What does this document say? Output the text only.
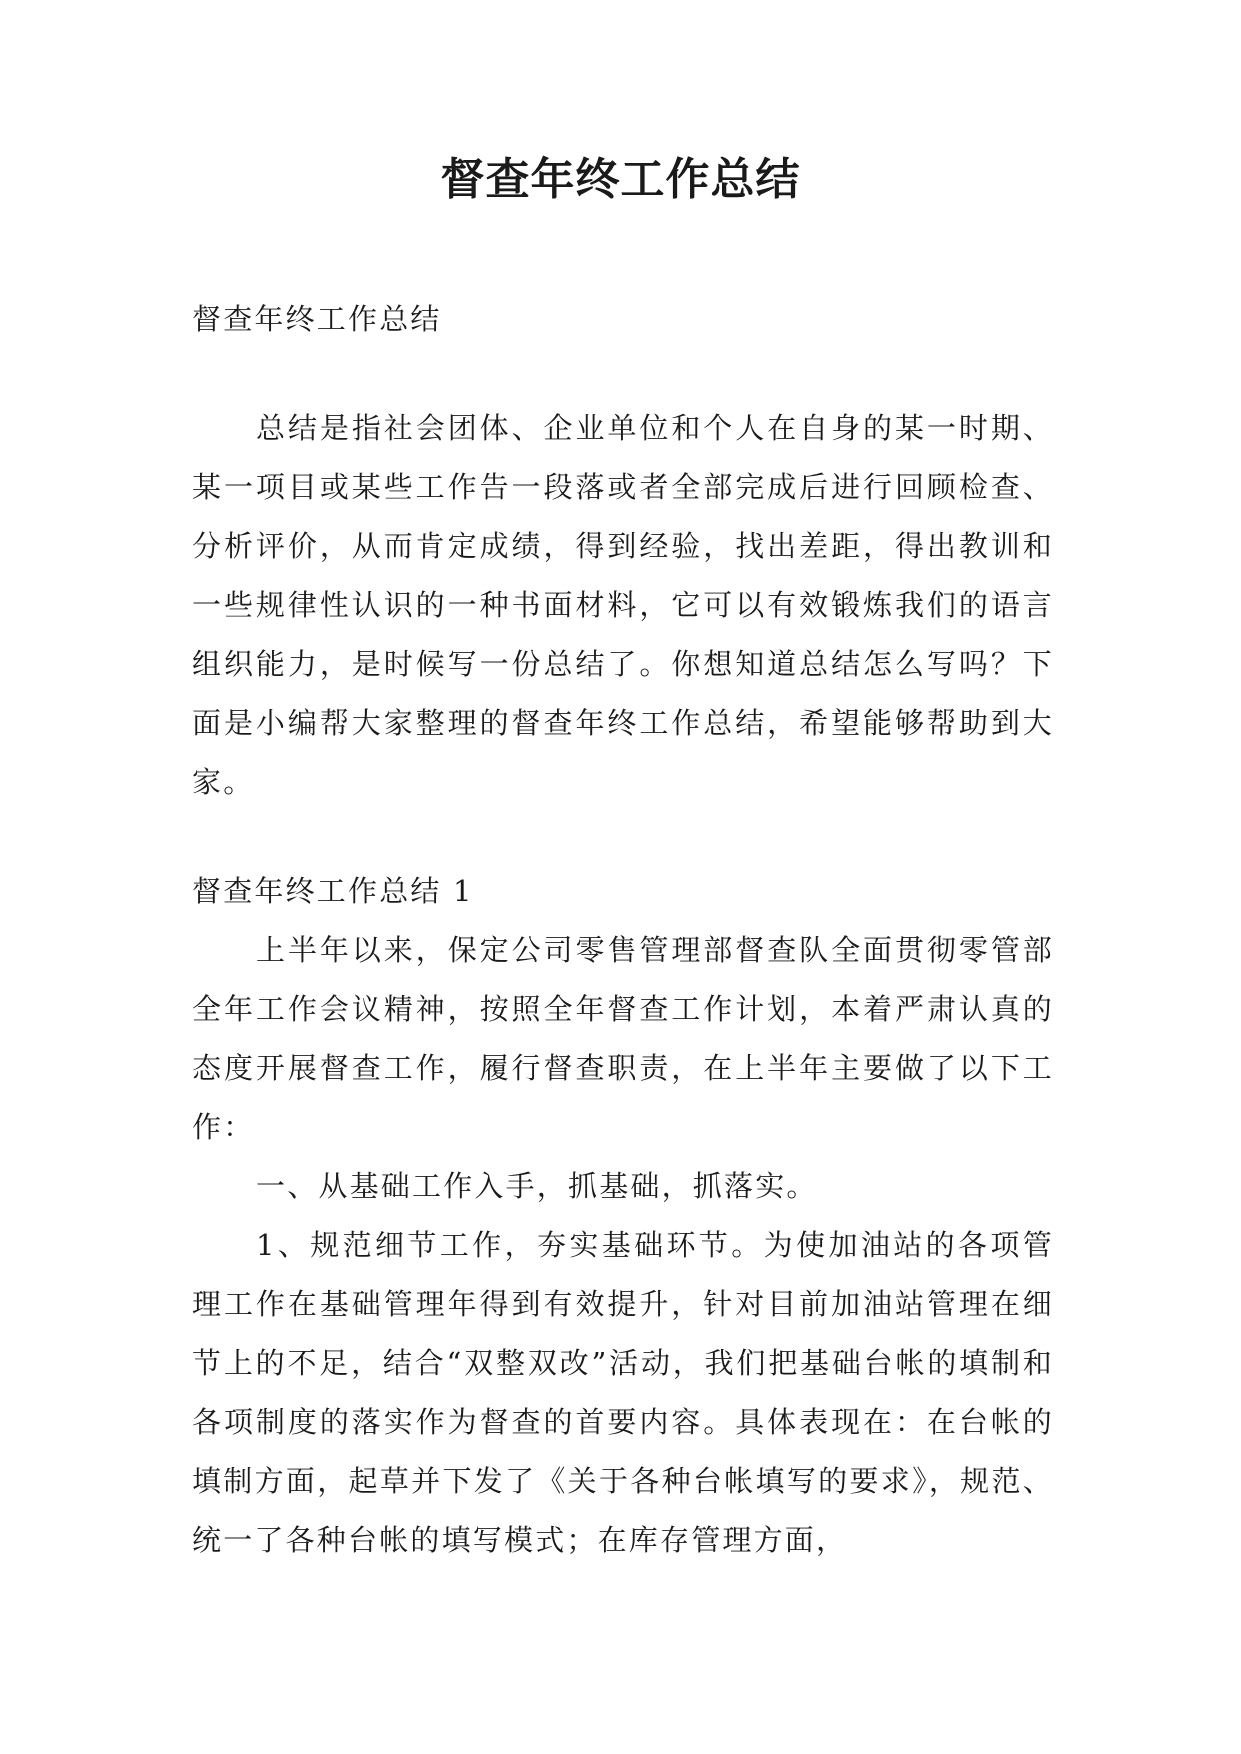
督查年终工作总结

督查年终工作总结

总结是指社会团体、企业单位和个人在自身的某一时期、某一项目或某些工作告一段落或者全部完成后进行回顾检查、分析评价，从而肯定成绩，得到经验，找出差距，得出教训和一些规律性认识的一种书面材料，它可以有效锻炼我们的语言组织能力，是时候写一份总结了。你想知道总结怎么写吗？下面是小编帮大家整理的督查年终工作总结，希望能够帮助到大家。

督查年终工作总结 1

上半年以来，保定公司零售管理部督查队全面贯彻零管部全年工作会议精神，按照全年督查工作计划，本着严肃认真的态度开展督查工作，履行督查职责，在上半年主要做了以下工作：

一、从基础工作入手，抓基础，抓落实。

1、规范细节工作，夯实基础环节。为使加油站的各项管理工作在基础管理年得到有效提升，针对目前加油站管理在细节上的不足，结合“双整双改”活动，我们把基础台帐的填制和各项制度的落实作为督查的首要内容。具体表现在：在台帐的填制方面，起草并下发了《关于各种台帐填写的要求》，规范、统一了各种台帐的填写模式；在库存管理方面，
